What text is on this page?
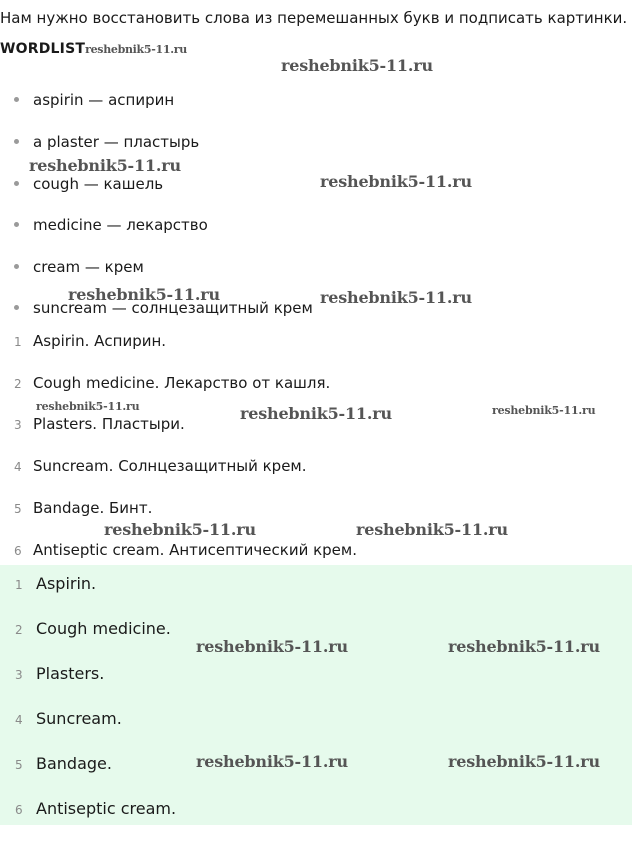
Нам нужно восстановить слова из перемешанных букв и подписать картинки.
WORDLISTreshebnik5-11.ru
reshebnik5-11.ru
reshebnik5-11.ru
reshebnik5-11.ru
reshebnik5-11.ru	reshebnik5-11.ru
reshebnik5-11.ru	reshebnik5-11.ru	reshebnik5-11.ru
reshebnik5-11.ru	reshebnik5-11.ru
aspirin — аспирин
a plaster — пластырь
cough — кашель
medicine — лекарство
cream — крем
suncream — солнцезащитный крем
1 Aspirin. Аспирин.
2 Cough medicine. Лекарство от кашля.
3 Plasters. Пластыри.
4 Suncream. Солнцезащитный крем.
5 Bandage. Бинт.
6 Antiseptic cream. Антисептический крем.
1 Aspirin.
2 Cough medicine.
3 Plasters.
4 Suncream.
5 Bandage.
6 Antiseptic cream.
reshebnik5-11.ru	reshebnik5-11.ru
reshebnik5-11.ru	reshebnik5-11.ru
